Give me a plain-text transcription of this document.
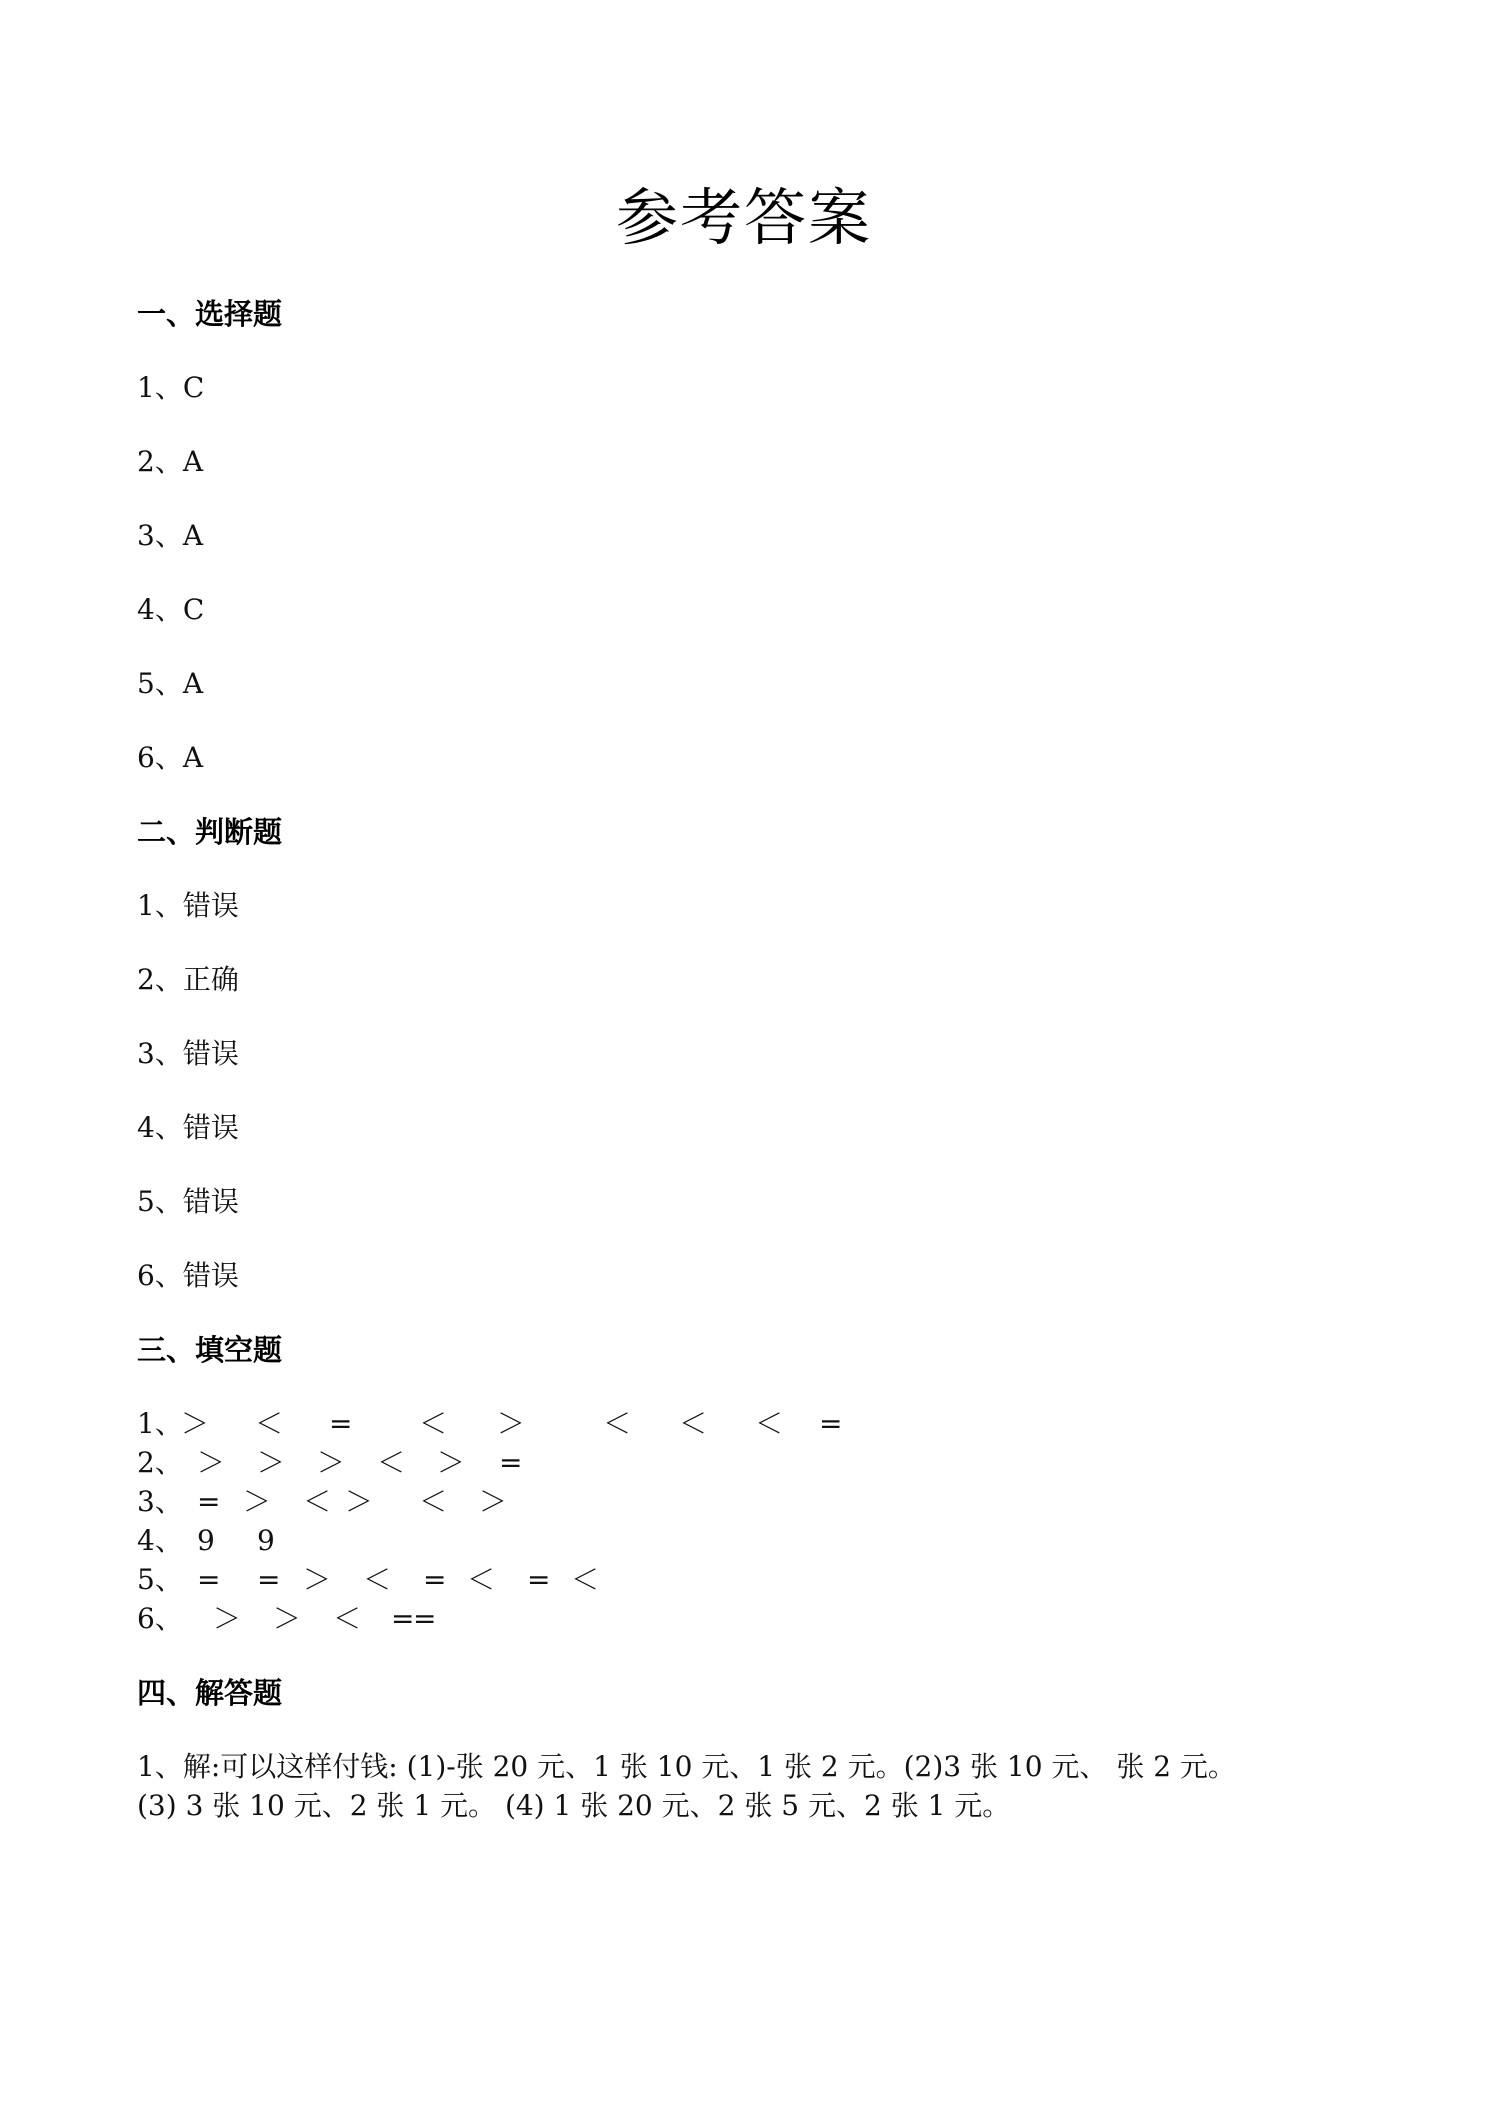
参考答案
一、选择题
1、C
2、A
3、A
4、C
5、A
6、A
二、判断题
1、错误
2、正确
3、错误
4、错误
5、错误
6、错误
三、填空题
1、
＞ ＜ = ＜ ＞	＜ ＜ ＜ =
2、 ＞ ＞ ＞ ＜ ＞ =
3、 = ＞ ＜ ＞ ＜ ＞
4、 9 9
5、 = = ＞ ＜ = ＜ = ＜
6、 ＞ ＞ ＜ =
=
四、解答题
1、解:可以这样付钱: (1)-张 20 元、1 张 10 元、1 张 2 元。(2)3 张 10 元、 张 2 元。
(3) 3 张 10 元、2 张 1 元。 (4) 1 张 20 元、2 张 5 元、2 张 1 元。
